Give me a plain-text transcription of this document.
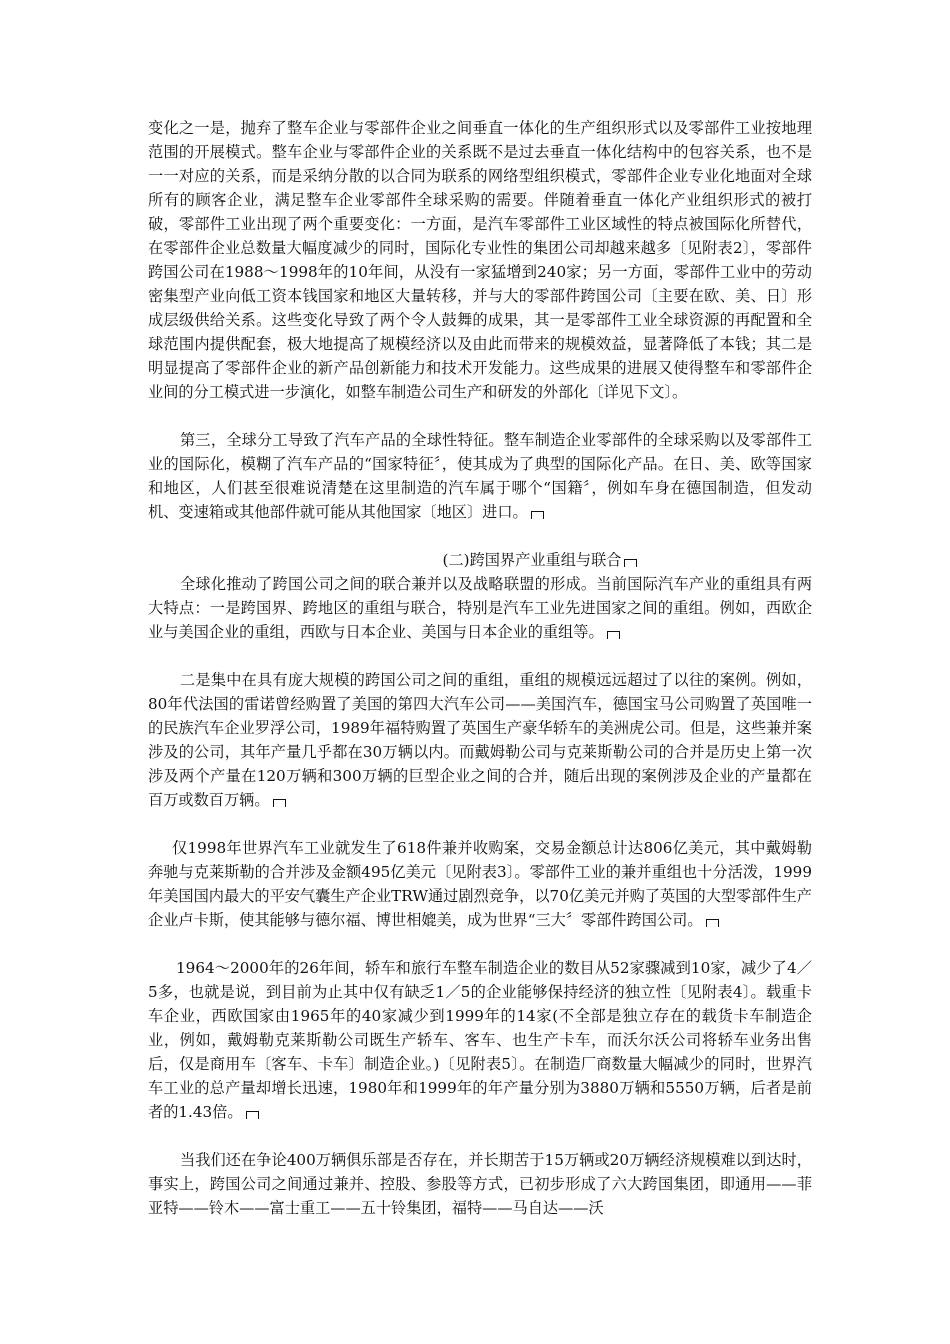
变化之一是，抛弃了整车企业与零部件企业之间垂直一体化的生产组织形式以及零部件工业按地理范围的开展模式。整车企业与零部件企业的关系既不是过去垂直一体化结构中的包容关系，也不是一一对应的关系，而是采纳分散的以合同为联系的网络型组织模式，零部件企业专业化地面对全球所有的顾客企业，满足整车企业零部件全球采购的需要。伴随着垂直一体化产业组织形式的被打破，零部件工业出现了两个重要变化：一方面，是汽车零部件工业区域性的特点被国际化所替代，在零部件企业总数量大幅度减少的同时，国际化专业性的集团公司却越来越多〔见附表2〕，零部件跨国公司在1988～1998年的10年间，从没有一家猛增到240家；另一方面，零部件工业中的劳动密集型产业向低工资本钱国家和地区大量转移，并与大的零部件跨国公司〔主要在欧、美、日〕形成层级供给关系。这些变化导致了两个令人鼓舞的成果，其一是零部件工业全球资源的再配置和全球范围内提供配套，极大地提高了规模经济以及由此而带来的规模效益，显著降低了本钱；其二是明显提高了零部件企业的新产品创新能力和技术开发能力。这些成果的进展又使得整车和零部件企业间的分工模式进一步演化，如整车制造公司生产和研发的外部化〔详见下文〕。

第三，全球分工导致了汽车产品的全球性特征。整车制造企业零部件的全球采购以及零部件工业的国际化，模糊了汽车产品的“国家特征〞，使其成为了典型的国际化产品。在日、美、欧等国家和地区，人们甚至很难说清楚在这里制造的汽车属于哪个“国籍〞，例如车身在德国制造，但发动机、变速箱或其他部件就可能从其他国家〔地区〕进口。

(二)跨国界产业重组与联合

全球化推动了跨国公司之间的联合兼并以及战略联盟的形成。当前国际汽车产业的重组具有两大特点：一是跨国界、跨地区的重组与联合，特别是汽车工业先进国家之间的重组。例如，西欧企业与美国企业的重组，西欧与日本企业、美国与日本企业的重组等。

二是集中在具有庞大规模的跨国公司之间的重组，重组的规模远远超过了以往的案例。例如，80年代法国的雷诺曾经购置了美国的第四大汽车公司——美国汽车，德国宝马公司购置了英国唯一的民族汽车企业罗浮公司，1989年福特购置了英国生产豪华轿车的美洲虎公司。但是，这些兼并案涉及的公司，其年产量几乎都在30万辆以内。而戴姆勒公司与克莱斯勒公司的合并是历史上第一次涉及两个产量在120万辆和300万辆的巨型企业之间的合并，随后出现的案例涉及企业的产量都在百万或数百万辆。

仅1998年世界汽车工业就发生了618件兼并收购案，交易金额总计达806亿美元，其中戴姆勒奔驰与克莱斯勒的合并涉及金额495亿美元〔见附表3〕。零部件工业的兼并重组也十分活泼，1999年美国国内最大的平安气囊生产企业TRW通过剧烈竞争，以70亿美元并购了英国的大型零部件生产企业卢卡斯，使其能够与德尔福、博世相媲美，成为世界“三大〞零部件跨国公司。

1964～2000年的26年间，轿车和旅行车整车制造企业的数目从52家骤减到10家，减少了4／5多，也就是说，到目前为止其中仅有缺乏1／5的企业能够保持经济的独立性〔见附表4〕。载重卡车企业，西欧国家由1965年的40家减少到1999年的14家(不全部是独立存在的载货卡车制造企业，例如，戴姆勒克莱斯勒公司既生产轿车、客车、也生产卡车，而沃尔沃公司将轿车业务出售后，仅是商用车〔客车、卡车〕制造企业。)〔见附表5〕。在制造厂商数量大幅减少的同时，世界汽车工业的总产量却增长迅速，1980年和1999年的年产量分别为3880万辆和5550万辆，后者是前者的1.43倍。

当我们还在争论400万辆俱乐部是否存在，并长期苦于15万辆或20万辆经济规模难以到达时，事实上，跨国公司之间通过兼并、控股、参股等方式，已初步形成了六大跨国集团，即通用——菲亚特——铃木——富士重工——五十铃集团，福特——马自达——沃
